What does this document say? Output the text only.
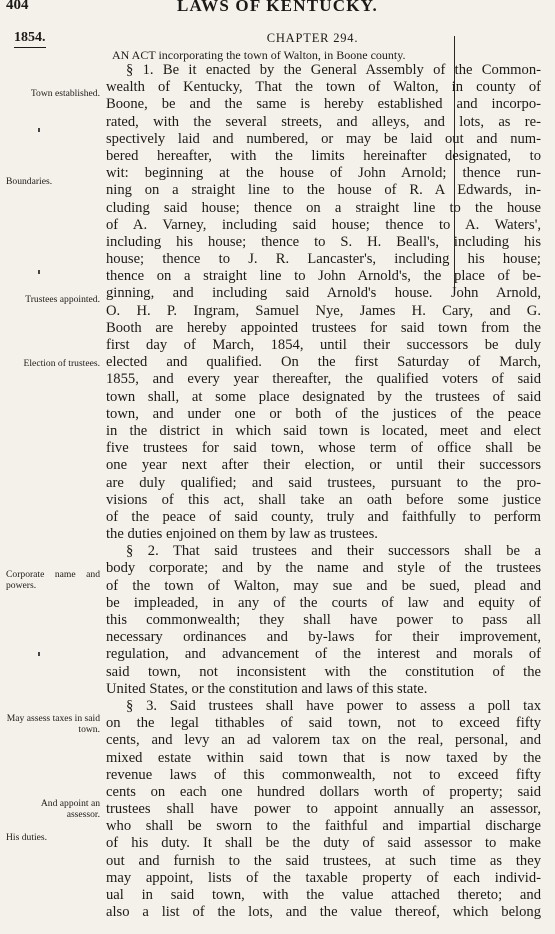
404	LAWS OF KENTUCKY.
1854.	CHAPTER 294.
AN ACT incorporating the town of Walton, in Boone county.
Town established.
Boundaries.
Trustees appointed.
Election of trustees.
Corporate name and powers.
May assess taxes in said town.
And appoint an assessor.
His duties.
§ 1. Be it enacted by the General Assembly of the Common-
wealth of Kentucky, That the town of Walton, in county of
Boone, be and the same is hereby established and incorpo-
rated, with the several streets, and alleys, and lots, as re-
spectively laid and numbered, or may be laid out and num-
bered hereafter, with the limits hereinafter designated, to
wit: beginning at the house of John Arnold; thence run-
ning on a straight line to the house of R. A Edwards, in-
cluding said house; thence on a straight line to the house
of A. Varney, including said house; thence to A. Waters',
including his house; thence to S. H. Beall's, including his
house; thence to J. R. Lancaster's, including his house;
thence on a straight line to John Arnold's, the place of be-
ginning, and including said Arnold's house. John Arnold,
O. H. P. Ingram, Samuel Nye, James H. Cary, and G.
Booth are hereby appointed trustees for said town from the
first day of March, 1854, until their successors be duly
elected and qualified. On the first Saturday of March,
1855, and every year thereafter, the qualified voters of said
town shall, at some place designated by the trustees of said
town, and under one or both of the justices of the peace
in the district in which said town is located, meet and elect
five trustees for said town, whose term of office shall be
one year next after their election, or until their successors
are duly qualified; and said trustees, pursuant to the pro-
visions of this act, shall take an oath before some justice
of the peace of said county, truly and faithfully to perform
the duties enjoined on them by law as trustees.
§ 2. That said trustees and their successors shall be a
body corporate; and by the name and style of the trustees
of the town of Walton, may sue and be sued, plead and
be impleaded, in any of the courts of law and equity of
this commonwealth; they shall have power to pass all
necessary ordinances and by-laws for their improvement,
regulation, and advancement of the interest and morals of
said town, not inconsistent with the constitution of the
United States, or the constitution and laws of this state.
§ 3. Said trustees shall have power to assess a poll tax
on the legal tithables of said town, not to exceed fifty
cents, and levy an ad valorem tax on the real, personal, and
mixed estate within said town that is now taxed by the
revenue laws of this commonwealth, not to exceed fifty
cents on each one hundred dollars worth of property; said
trustees shall have power to appoint annually an assessor,
who shall be sworn to the faithful and impartial discharge
of his duty. It shall be the duty of said assessor to make
out and furnish to the said trustees, at such time as they
may appoint, lists of the taxable property of each individ-
ual in said town, with the value attached thereto; and
also a list of the lots, and the value thereof, which belong
